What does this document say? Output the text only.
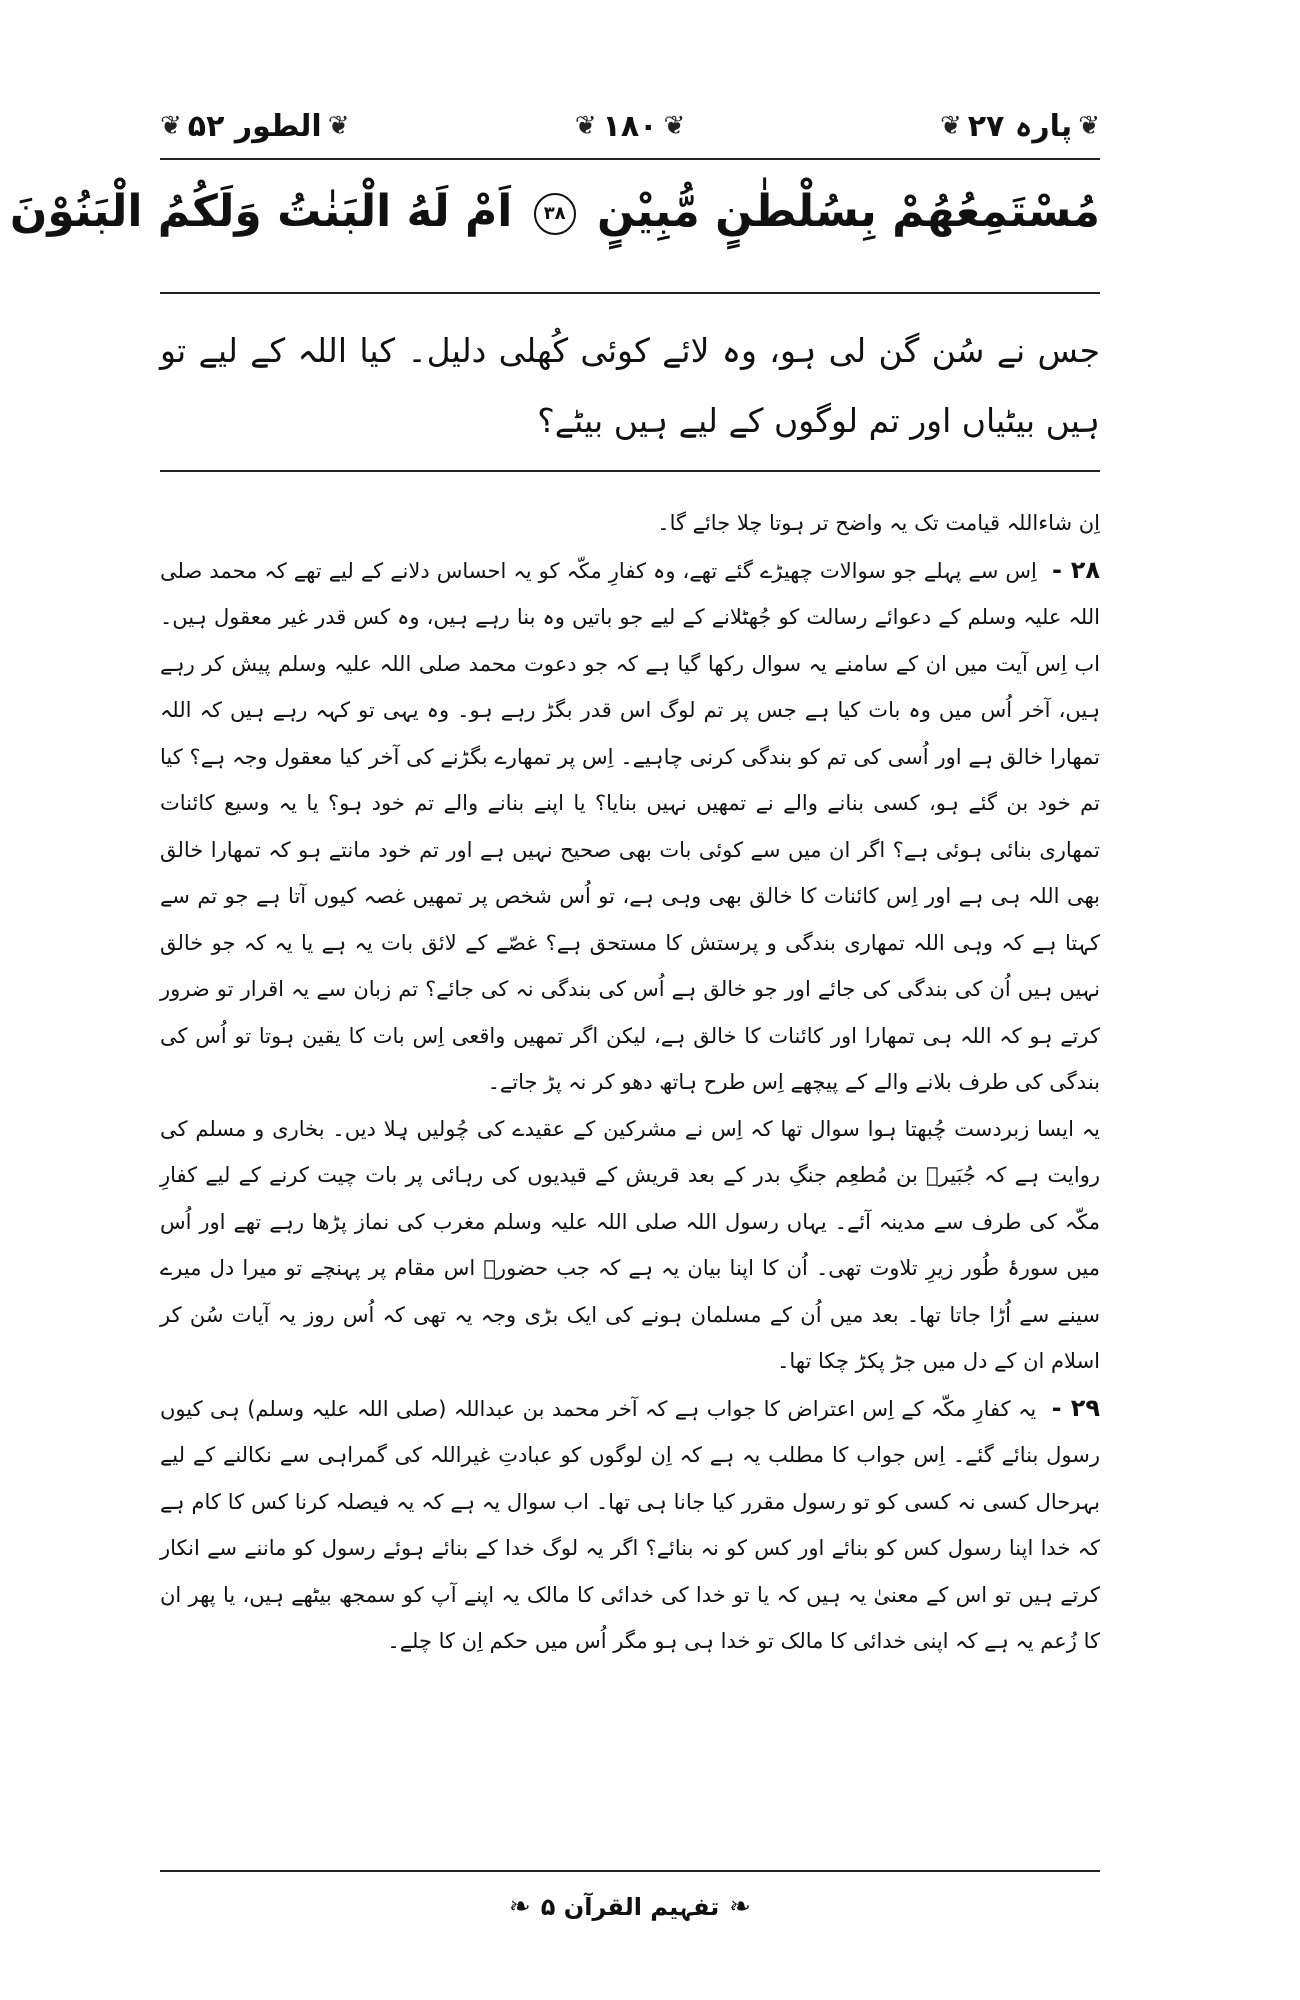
❦
پارہ ۲۷
❦
❦
۱۸۰
❦
❦
الطور ۵۲
❦
مُسْتَمِعُهُمْ بِسُلْطٰنٍ مُّبِيْنٍ ۳۸ اَمْ لَهُ الْبَنٰتُ وَلَكُمُ الْبَنُوْنَ
جس نے سُن گن لی ہو، وہ لائے کوئی کُھلی دلیل۔ کیا اللہ کے لیے تو ہیں بیٹیاں اور تم لوگوں کے لیے ہیں بیٹے؟

اِن شاءاللہ قیامت تک یہ واضح تر ہوتا چلا جائے گا۔

۲۸ - اِس سے پہلے جو سوالات چھیڑے گئے تھے، وہ کفارِ مکّہ کو یہ احساس دلانے کے لیے تھے کہ محمد صلی اللہ علیہ وسلم کے دعوائے رسالت کو جُھٹلانے کے لیے جو باتیں وہ بنا رہے ہیں، وہ کس قدر غیر معقول ہیں۔ اب اِس آیت میں ان کے سامنے یہ سوال رکھا گیا ہے کہ جو دعوت محمد صلی اللہ علیہ وسلم پیش کر رہے ہیں، آخر اُس میں وہ بات کیا ہے جس پر تم لوگ اس قدر بگڑ رہے ہو۔ وہ یہی تو کہہ رہے ہیں کہ اللہ تمھارا خالق ہے اور اُسی کی تم کو بندگی کرنی چاہیے۔ اِس پر تمھارے بگڑنے کی آخر کیا معقول وجہ ہے؟ کیا تم خود بن گئے ہو، کسی بنانے والے نے تمھیں نہیں بنایا؟ یا اپنے بنانے والے تم خود ہو؟ یا یہ وسیع کائنات تمھاری بنائی ہوئی ہے؟ اگر ان میں سے کوئی بات بھی صحیح نہیں ہے اور تم خود مانتے ہو کہ تمھارا خالق بھی اللہ ہی ہے اور اِس کائنات کا خالق بھی وہی ہے، تو اُس شخص پر تمھیں غصہ کیوں آتا ہے جو تم سے کہتا ہے کہ وہی اللہ تمھاری بندگی و پرستش کا مستحق ہے؟ غصّے کے لائق بات یہ ہے یا یہ کہ جو خالق نہیں ہیں اُن کی بندگی کی جائے اور جو خالق ہے اُس کی بندگی نہ کی جائے؟ تم زبان سے یہ اقرار تو ضرور کرتے ہو کہ اللہ ہی تمھارا اور کائنات کا خالق ہے، لیکن اگر تمھیں واقعی اِس بات کا یقین ہوتا تو اُس کی بندگی کی طرف بلانے والے کے پیچھے اِس طرح ہاتھ دھو کر نہ پڑ جاتے۔

یہ ایسا زبردست چُبھتا ہوا سوال تھا کہ اِس نے مشرکین کے عقیدے کی چُولیں ہِلا دیں۔ بخاری و مسلم کی روایت ہے کہ جُبَیرؓ بن مُطعِم جنگِ بدر کے بعد قریش کے قیدیوں کی رہائی پر بات چیت کرنے کے لیے کفارِ مکّہ کی طرف سے مدینہ آئے۔ یہاں رسول اللہ صلی اللہ علیہ وسلم مغرب کی نماز پڑھا رہے تھے اور اُس میں سورۂ طُور زیرِ تلاوت تھی۔ اُن کا اپنا بیان یہ ہے کہ جب حضورؐ اس مقام پر پہنچے تو میرا دل میرے سینے سے اُڑا جاتا تھا۔ بعد میں اُن کے مسلمان ہونے کی ایک بڑی وجہ یہ تھی کہ اُس روز یہ آیات سُن کر اسلام ان کے دل میں جڑ پکڑ چکا تھا۔

۲۹ - یہ کفارِ مکّہ کے اِس اعتراض کا جواب ہے کہ آخر محمد بن عبداللہ (صلی اللہ علیہ وسلم) ہی کیوں رسول بنائے گئے۔ اِس جواب کا مطلب یہ ہے کہ اِن لوگوں کو عبادتِ غیراللہ کی گمراہی سے نکالنے کے لیے بہرحال کسی نہ کسی کو تو رسول مقرر کیا جانا ہی تھا۔ اب سوال یہ ہے کہ یہ فیصلہ کرنا کس کا کام ہے کہ خدا اپنا رسول کس کو بنائے اور کس کو نہ بنائے؟ اگر یہ لوگ خدا کے بنائے ہوئے رسول کو ماننے سے انکار کرتے ہیں تو اس کے معنیٰ یہ ہیں کہ یا تو خدا کی خدائی کا مالک یہ اپنے آپ کو سمجھ بیٹھے ہیں، یا پھر ان کا زُعم یہ ہے کہ اپنی خدائی کا مالک تو خدا ہی ہو مگر اُس میں حکم اِن کا چلے۔

❧
تفہیم القرآن ۵
❧
